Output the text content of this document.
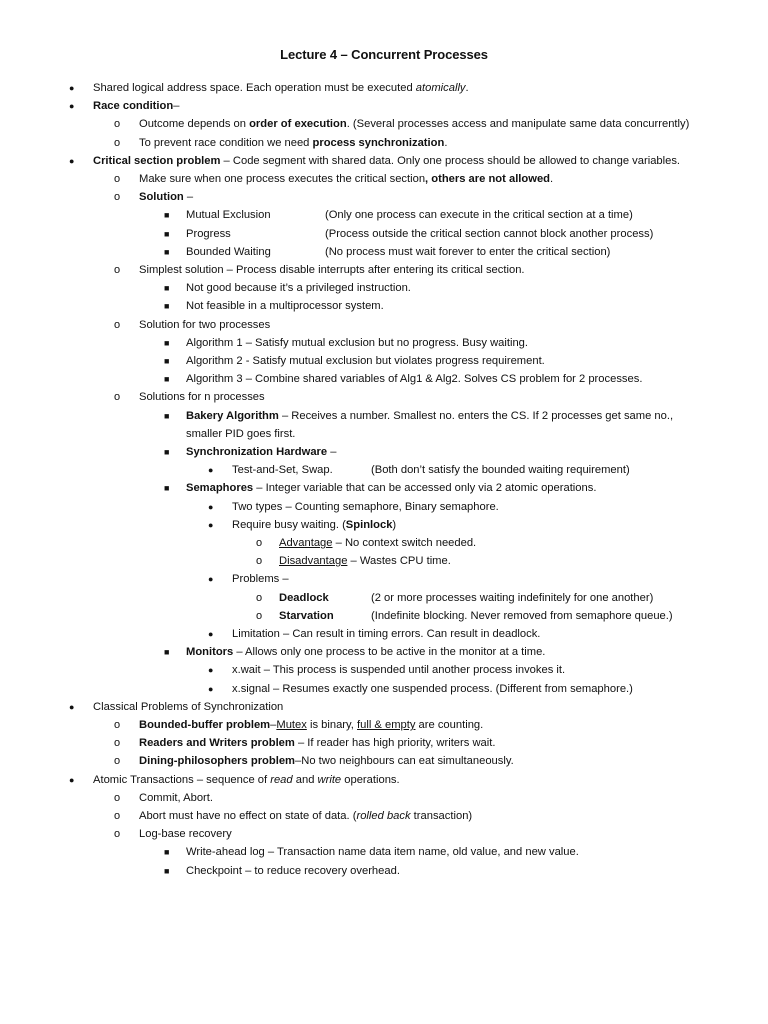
Lecture 4 – Concurrent Processes
● Shared logical address space. Each operation must be executed atomically.
● Race condition–
o Outcome depends on order of execution. (Several processes access and manipulate same data concurrently)
o To prevent race condition we need process synchronization.
● Critical section problem – Code segment with shared data. Only one process should be allowed to change variables.
o Make sure when one process executes the critical section, others are not allowed.
o Solution –
■ Mutual Exclusion	(Only one process can execute in the critical section at a time)
■ Progress	(Process outside the critical section cannot block another process)
■ Bounded Waiting	(No process must wait forever to enter the critical section)
o Simplest solution – Process disable interrupts after entering its critical section.
■ Not good because it’s a privileged instruction.
■ Not feasible in a multiprocessor system.
o Solution for two processes
■ Algorithm 1 – Satisfy mutual exclusion but no progress. Busy waiting.
■ Algorithm 2 - Satisfy mutual exclusion but violates progress requirement.
■ Algorithm 3 – Combine shared variables of Alg1 & Alg2. Solves CS problem for 2 processes.
o Solutions for n processes
■ Bakery Algorithm – Receives a number. Smallest no. enters the CS. If 2 processes get same no.,
smaller PID goes first.
■ Synchronization Hardware –
● Test-and-Set, Swap.	(Both don’t satisfy the bounded waiting requirement)
■ Semaphores – Integer variable that can be accessed only via 2 atomic operations.
● Two types – Counting semaphore, Binary semaphore.
● Require busy waiting. (Spinlock)
o Advantage – No context switch needed.
o Disadvantage – Wastes CPU time.
● Problems –
o Deadlock	(2 or more processes waiting indefinitely for one another)
o Starvation	(Indefinite blocking. Never removed from semaphore queue.)
● Limitation – Can result in timing errors. Can result in deadlock.
■ Monitors – Allows only one process to be active in the monitor at a time.
● x.wait – This process is suspended until another process invokes it.
● x.signal – Resumes exactly one suspended process. (Different from semaphore.)
● Classical Problems of Synchronization
o Bounded-buffer problem–Mutex is binary, full & empty are counting.
o Readers and Writers problem – If reader has high priority, writers wait.
o Dining-philosophers problem–No two neighbours can eat simultaneously.
● Atomic Transactions – sequence of read and write operations.
o Commit, Abort.
o Abort must have no effect on state of data. (rolled back transaction)
o Log-base recovery
■ Write-ahead log – Transaction name data item name, old value, and new value.
■ Checkpoint – to reduce recovery overhead.
